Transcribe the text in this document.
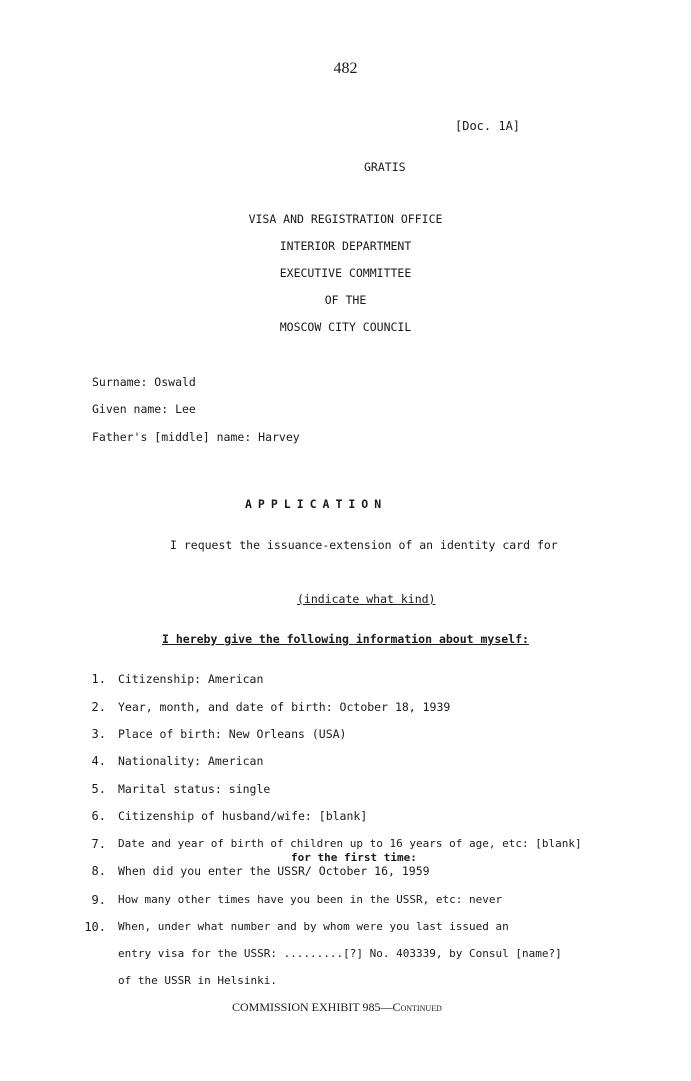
482
[Doc. 1A]
GRATIS
VISA AND REGISTRATION OFFICE
INTERIOR DEPARTMENT
EXECUTIVE COMMITTEE
OF THE
MOSCOW CITY COUNCIL
Surname: Oswald
Given name: Lee
Father's [middle] name: Harvey
APPLICATION
I request the issuance-extension of an identity card for
(indicate what kind)
I hereby give the following information about myself:
1. Citizenship: American
2. Year, month, and date of birth: October 18, 1939
3. Place of birth: New Orleans (USA)
4. Nationality: American
5. Marital status: single
6. Citizenship of husband/wife: [blank]
7. Date and year of birth of children up to 16 years of age, etc: [blank]
for the first time:
8. When did you enter the USSR/ October 16, 1959
9. How many other times have you been in the USSR, etc: never
10. When, under what number and by whom were you last issued an
entry visa for the USSR: .........[?] No. 403339, by Consul [name?]
of the USSR in Helsinki.
COMMISSION EXHIBIT 985—Continued
